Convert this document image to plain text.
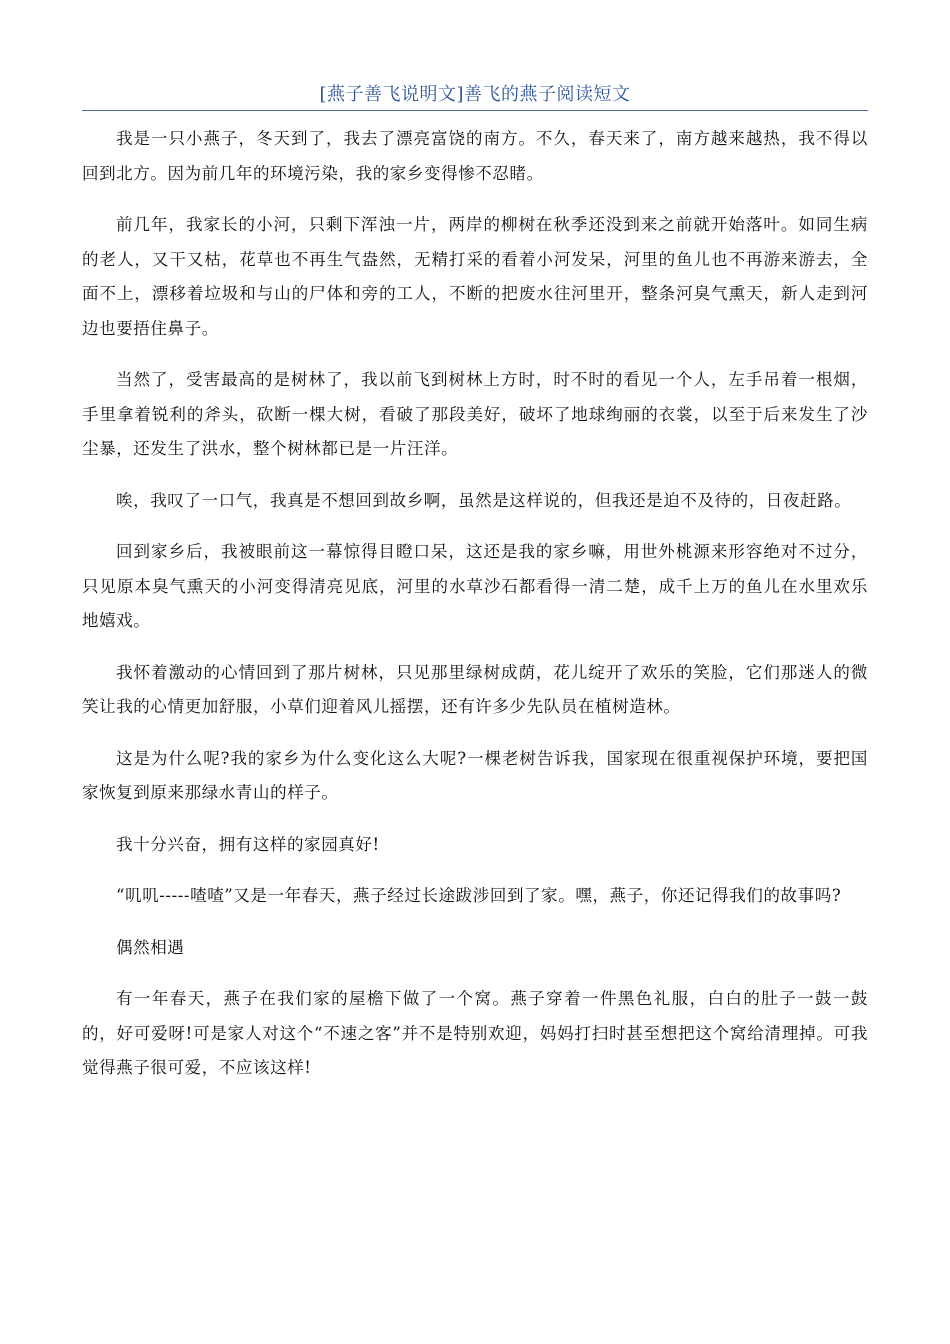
[燕子善飞说明文]善飞的燕子阅读短文

我是一只小燕子，冬天到了，我去了漂亮富饶的南方。不久，春天来了，南方越来越热，我不得以回到北方。因为前几年的环境污染，我的家乡变得惨不忍睹。

前几年，我家长的小河，只剩下浑浊一片，两岸的柳树在秋季还没到来之前就开始落叶。如同生病的老人，又干又枯，花草也不再生气盎然，无精打采的看着小河发呆，河里的鱼儿也不再游来游去，全面不上，漂移着垃圾和与山的尸体和旁的工人，不断的把废水往河里开，整条河臭气熏天，新人走到河边也要捂住鼻子。

当然了，受害最高的是树林了，我以前飞到树林上方时，时不时的看见一个人，左手吊着一根烟，手里拿着锐利的斧头，砍断一棵大树，看破了那段美好，破坏了地球绚丽的衣裳，以至于后来发生了沙尘暴，还发生了洪水，整个树林都已是一片汪洋。

唉，我叹了一口气，我真是不想回到故乡啊，虽然是这样说的，但我还是迫不及待的，日夜赶路。

回到家乡后，我被眼前这一幕惊得目瞪口呆，这还是我的家乡嘛，用世外桃源来形容绝对不过分，只见原本臭气熏天的小河变得清亮见底，河里的水草沙石都看得一清二楚，成千上万的鱼儿在水里欢乐地嬉戏。

我怀着激动的心情回到了那片树林，只见那里绿树成荫，花儿绽开了欢乐的笑脸，它们那迷人的微笑让我的心情更加舒服，小草们迎着风儿摇摆，还有许多少先队员在植树造林。

这是为什么呢?我的家乡为什么变化这么大呢?一棵老树告诉我，国家现在很重视保护环境，要把国家恢复到原来那绿水青山的样子。

我十分兴奋，拥有这样的家园真好!

“叽叽-----喳喳”又是一年春天，燕子经过长途跋涉回到了家。嘿，燕子，你还记得我们的故事吗?

偶然相遇

有一年春天，燕子在我们家的屋檐下做了一个窝。燕子穿着一件黑色礼服，白白的肚子一鼓一鼓的，好可爱呀!可是家人对这个“不速之客”并不是特别欢迎，妈妈打扫时甚至想把这个窝给清理掉。可我觉得燕子很可爱，不应该这样!
